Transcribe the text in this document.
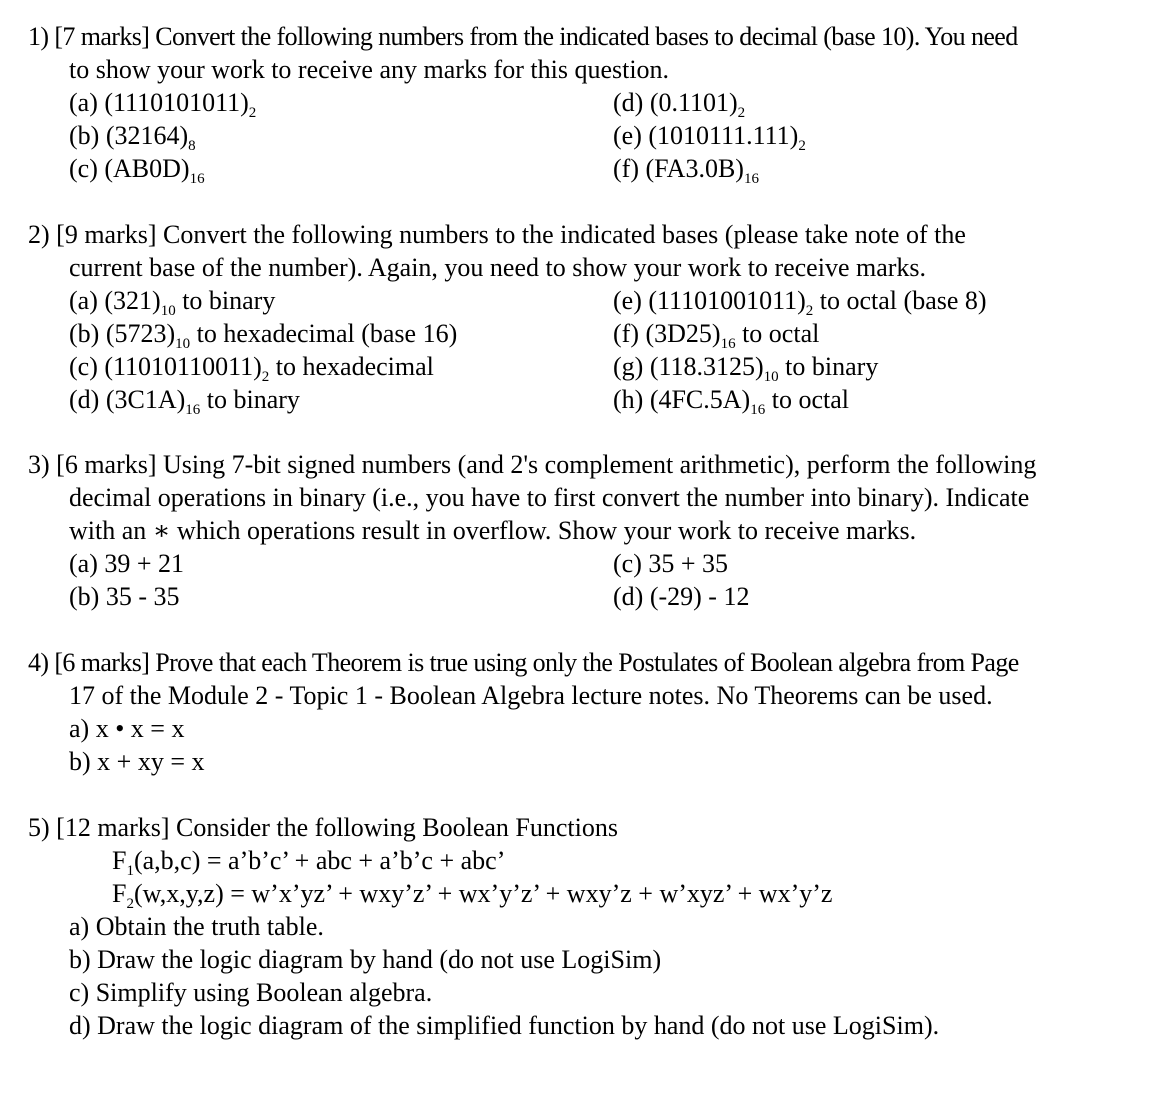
1) [7 marks] Convert the following numbers from the indicated bases to decimal (base 10). You need
to show your work to receive any marks for this question.
(a) $(1110101011)_2$
(b) $(32164)_8$
(c) $(AB0D)_{16}$
(d) $(0.1101)_2$
(e) $(1010111.111)_2$
(f) $(FA3.0B)_{16}$
2) [9 marks] Convert the following numbers to the indicated bases (please take note of the
current base of the number). Again, you need to show your work to receive marks.
(a) $(321)_{10}$ to binary
(b) $(5723)_{10}$ to hexadecimal (base 16)
(c) $(11010110011)_2$ to hexadecimal
(d) $(3C1A)_{16}$ to binary
(e) $(11101001011)_2$ to octal (base 8)
(f) $(3D25)_{16}$ to octal
(g) $(118.3125)_{10}$ to binary
(h) $(4FC.5A)_{16}$ to octal
3) [6 marks] Using 7-bit signed numbers (and 2's complement arithmetic), perform the following
decimal operations in binary (i.e., you have to first convert the number into binary). Indicate
with an ∗ which operations result in overflow. Show your work to receive marks.
(a) 39 + 21
(b) 35 - 35
(c) 35 + 35
(d) (-29) - 12
4) [6 marks] Prove that each Theorem is true using only the Postulates of Boolean algebra from Page
17 of the Module 2 - Topic 1 - Boolean Algebra lecture notes. No Theorems can be used.
a) x • x = x
b) x + xy = x
5) [12 marks] Consider the following Boolean Functions
$F_1(a,b,c)$ = a’b’c’ + abc + a’b’c + abc’
$F_2(w,x,y,z)$ = w’x’yz’ + wxy’z’ + wx’y’z’ + wxy’z + w’xyz’ + wx’y’z
a) Obtain the truth table.
b) Draw the logic diagram by hand (do not use LogiSim)
c) Simplify using Boolean algebra.
d) Draw the logic diagram of the simplified function by hand (do not use LogiSim).
